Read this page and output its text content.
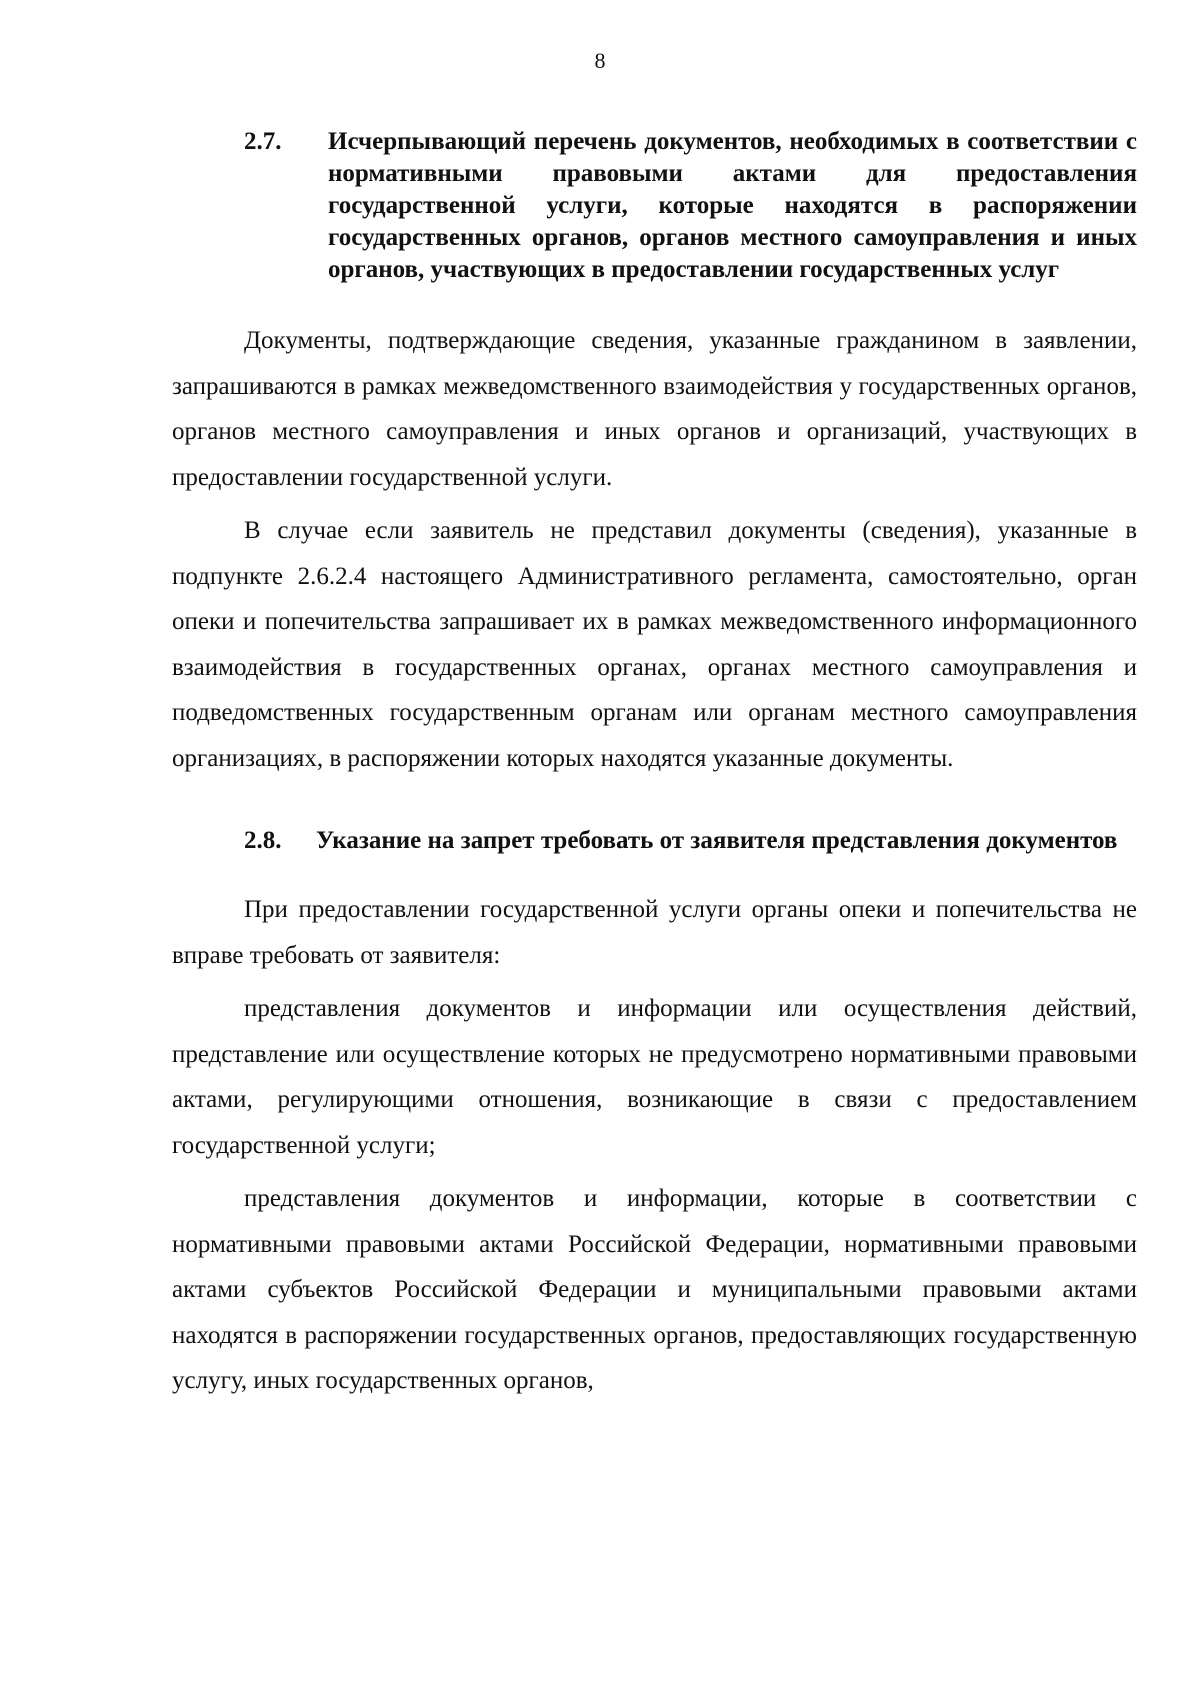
8
2.7.	Исчерпывающий перечень документов, необходимых в соответствии с нормативными правовыми актами для предоставления государственной услуги, которые находятся в распоряжении государственных органов, органов местного самоуправления и иных органов, участвующих в предоставлении государственных услуг

Документы, подтверждающие сведения, указанные гражданином в заявлении, запрашиваются в рамках межведомственного взаимодействия у государственных органов, органов местного самоуправления и иных органов и организаций, участвующих в предоставлении государственной услуги.

В случае если заявитель не представил документы (сведения), указанные в подпункте 2.6.2.4 настоящего Административного регламента, самостоятельно, орган опеки и попечительства запрашивает их в рамках межведомственного информационного взаимодействия в государственных органах, органах местного самоуправления и подведомственных государственным органам или органам местного самоуправления организациях, в распоряжении которых находятся указанные документы.

2.8.	Указание на запрет требовать от заявителя представления документов

При предоставлении государственной услуги органы опеки и попечительства не вправе требовать от заявителя:

представления документов и информации или осуществления действий, представление или осуществление которых не предусмотрено нормативными правовыми актами, регулирующими отношения, возникающие в связи с предоставлением государственной услуги;

представления документов и информации, которые в соответствии с нормативными правовыми актами Российской Федерации, нормативными правовыми актами субъектов Российской Федерации и муниципальными правовыми актами находятся в распоряжении государственных органов, предоставляющих государственную услугу, иных государственных органов,
